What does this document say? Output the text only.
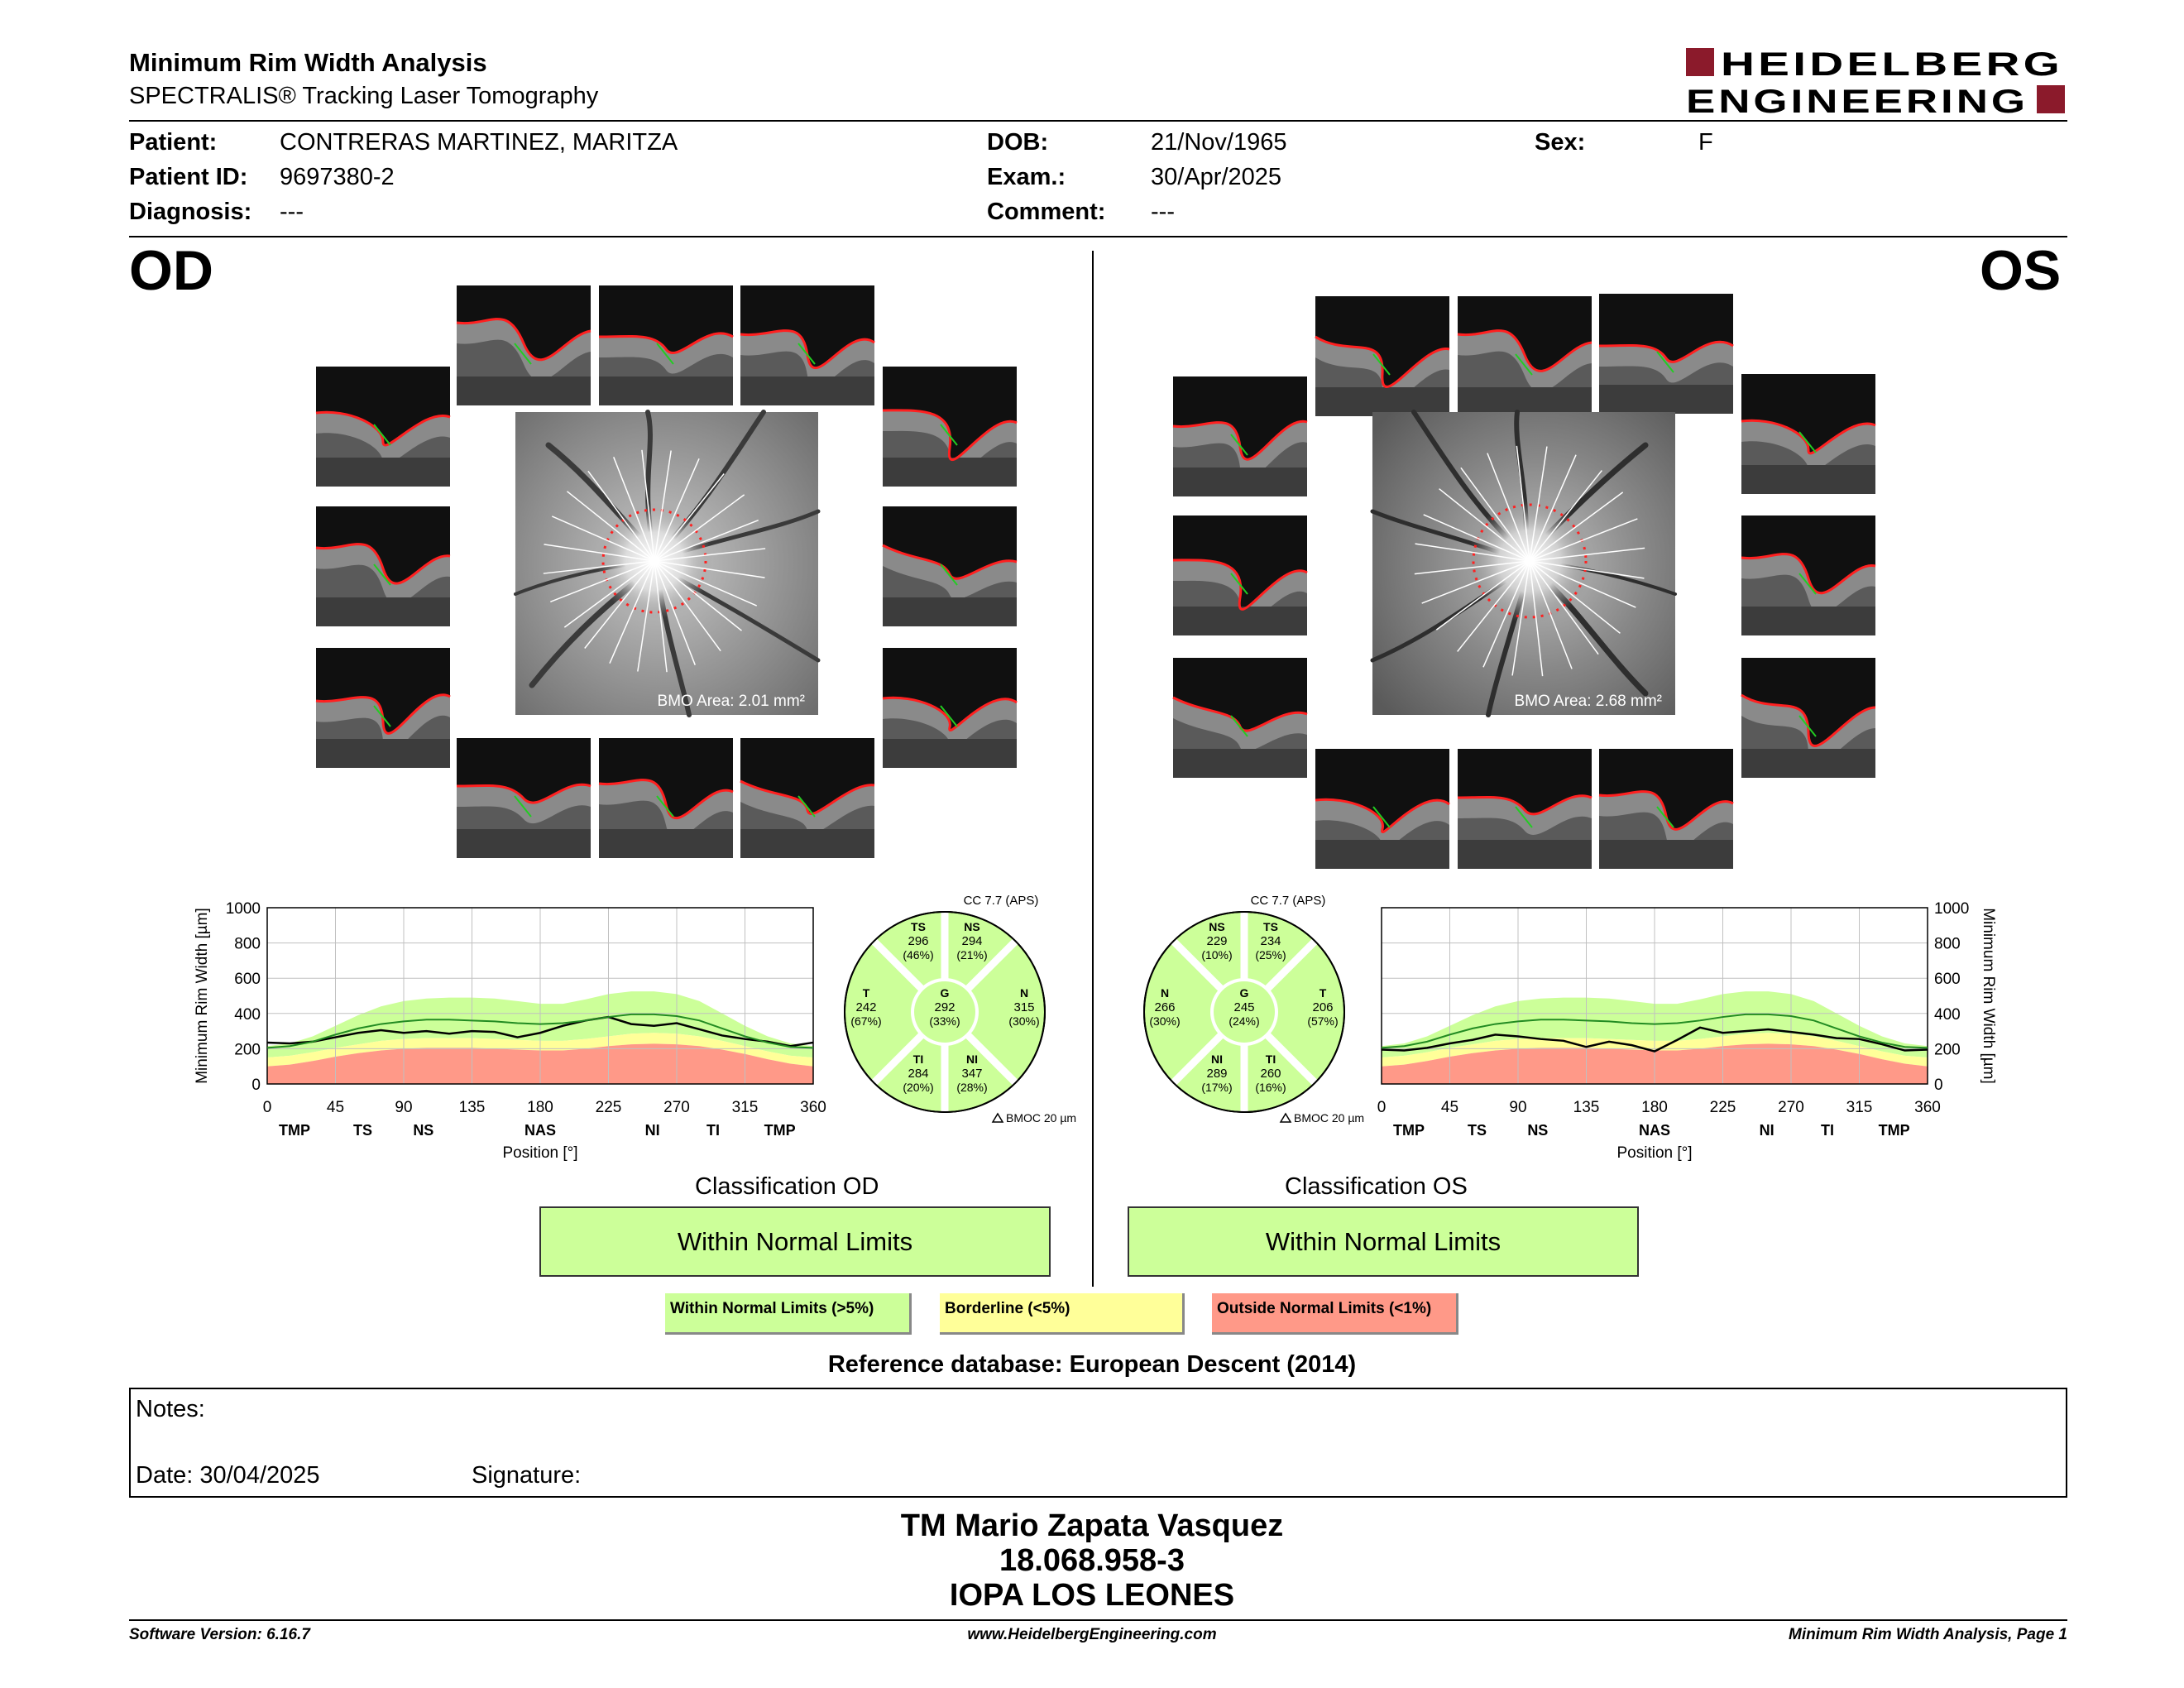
Minimum Rim Width Analysis
SPECTRALIS® Tracking Laser Tomography
HEIDELBERG
ENGINEERING
Patient:	CONTRERAS MARTINEZ, MARITZA
Patient ID: 9697380-2
Diagnosis: ---
DOB:	21/Nov/1965
Exam.:	30/Apr/2025
Comment: ---
Sex:	F
OD	OS
BMO Area: 2.01 mm²	BMO Area: 2.68 mm²
0	45	90	135	180	225	270	315	360
0
200
400
600
800
1000
TMP	TS	NS	NAS	NI	TI	TMP
Position [°]
Minimum Rim Width [µm]
0	45	90	135	180	225	270	315	360
0
200
400
600
800
1000
TMP	TS	NS	NAS	NI	TI	TMP
Position [°]
Minimum Rim Width [µm]
TS
296
(46%)
NS
294
(21%)
T
242
(67%)
G
292
(33%)
N
315
(30%)
TI
284
(20%)
NI
347
(28%)
CC 7.7 (APS)
BMOC 20 µm
TS
234
(25%)
NS
229
(10%)
T
206
(57%)
G
245
(24%)
N
266
(30%)
TI
260
(16%)
NI
289
(17%)
CC 7.7 (APS)
BMOC 20 µm
Classification OD
Within Normal Limits
Classification OS
Within Normal Limits
Within Normal Limits (>5%)	Borderline (<5%)	Outside Normal Limits (<1%)
Reference database: European Descent (2014)
Notes:
Date: 30/04/2025	Signature:
TM Mario Zapata Vasquez
18.068.958-3
IOPA LOS LEONES
Software Version: 6.16.7	www.HeidelbergEngineering.com	Minimum Rim Width Analysis, Page 1
